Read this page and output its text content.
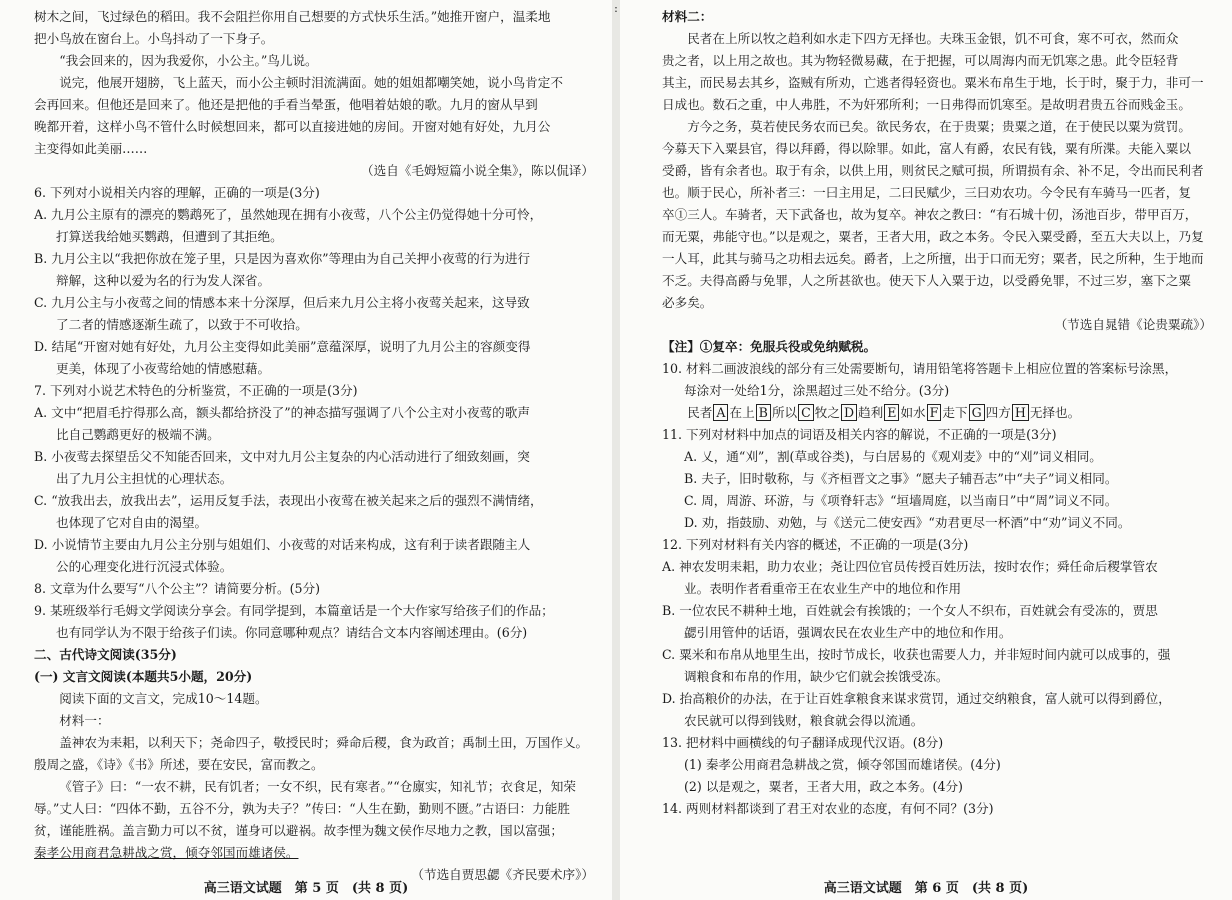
:

树木之间，飞过绿色的稻田。我不会阻拦你用自己想要的方式快乐生活。”她推开窗户，温柔地

把小鸟放在窗台上。小鸟抖动了一下身子。

“我会回来的，因为我爱你，小公主。”鸟儿说。

说完，他展开翅膀，飞上蓝天，而小公主顿时泪流满面。她的姐姐都嘲笑她，说小鸟肯定不

会再回来。但他还是回来了。他还是把他的手看当晕蛋，他唱着姑娘的歌。九月的窗从早到

晚都开着，这样小鸟不管什么时候想回来，都可以直接进她的房间。开窗对她有好处，九月公

主变得如此美丽……

（选自《毛姆短篇小说全集》，陈以侃译）

6. 下列对小说相关内容的理解，正确的一项是(3分)

A. 九月公主原有的漂亮的鹦鹉死了，虽然她现在拥有小夜莺，八个公主仍觉得她十分可怜，

打算送我给她买鹦鹉，但遭到了其拒绝。

B. 九月公主以“我把你放在笼子里，只是因为喜欢你”等理由为自己关押小夜莺的行为进行

辩解，这种以爱为名的行为发人深省。

C. 九月公主与小夜莺之间的情感本来十分深厚，但后来九月公主将小夜莺关起来，这导致

了二者的情感逐渐生疏了，以致于不可收拾。

D. 结尾“开窗对她有好处，九月公主变得如此美丽”意蕴深厚，说明了九月公主的容颜变得

更美，体现了小夜莺给她的情感慰藉。

7. 下列对小说艺术特色的分析鉴赏，不正确的一项是(3分)

A. 文中“把眉毛拧得那么高，额头都给挤没了”的神态描写强调了八个公主对小夜莺的歌声

比自己鹦鹉更好的极端不满。

B. 小夜莺去探望岳父不知能否回来，文中对九月公主复杂的内心活动进行了细致刻画，突

出了九月公主担忧的心理状态。

C. “放我出去，放我出去”，运用反复手法，表现出小夜莺在被关起来之后的强烈不满情绪，

也体现了它对自由的渴望。

D. 小说情节主要由九月公主分别与姐姐们、小夜莺的对话来构成，这有利于读者跟随主人

公的心理变化进行沉浸式体验。

8. 文章为什么要写“八个公主”？请简要分析。(5分)

9. 某班级举行毛姆文学阅读分享会。有同学提到，本篇童话是一个大作家写给孩子们的作品；

也有同学认为不限于给孩子们读。你同意哪种观点？请结合文本内容阐述理由。(6分)

二、古代诗文阅读(35分)

(一) 文言文阅读(本题共5小题，20分)

阅读下面的文言文，完成10～14题。

材料一：

盖神农为耒耜，以利天下；尧命四子，敬授民时；舜命后稷，食为政首；禹制土田，万国作乂。

殷周之盛，《诗》《书》所述，要在安民，富而教之。

《管子》曰：“一农不耕，民有饥者；一女不织，民有寒者。”“仓廪实，知礼节；衣食足，知荣

辱。”丈人曰：“四体不勤，五谷不分，孰为夫子？”传曰：“人生在勤，勤则不匮。”古语曰：力能胜

贫，谨能胜祸。盖言勤力可以不贫，谨身可以避祸。故李悝为魏文侯作尽地力之教，国以富强；

秦孝公用商君急耕战之赏，倾夺邻国而雄诸侯。

（节选自贾思勰《齐民要术序》）

高三语文试题　第 5 页　(共 8 页)

材料二：

民者在上所以牧之趋利如水走下四方无择也。夫珠玉金银，饥不可食，寒不可衣，然而众

贵之者，以上用之故也。其为物轻微易藏，在于把握，可以周海内而无饥寒之患。此令臣轻背

其主，而民易去其乡，盗贼有所劝，亡逃者得轻资也。粟米布帛生于地，长于时，聚于力，非可一

日成也。数石之重，中人弗胜，不为奸邪所利；一日弗得而饥寒至。是故明君贵五谷而贱金玉。

方今之务，莫若使民务农而已矣。欲民务农，在于贵粟；贵粟之道，在于使民以粟为赏罚。

今募天下入粟县官，得以拜爵，得以除罪。如此，富人有爵，农民有钱，粟有所渫。夫能入粟以

受爵，皆有余者也。取于有余，以供上用，则贫民之赋可损，所谓损有余、补不足，令出而民利者

也。顺于民心，所补者三：一曰主用足，二曰民赋少，三曰劝农功。今令民有车骑马一匹者，复

卒①三人。车骑者，天下武备也，故为复卒。神农之教曰：“有石城十仞，汤池百步，带甲百万，

而无粟，弗能守也。”以是观之，粟者，王者大用，政之本务。令民入粟受爵，至五大夫以上，乃复

一人耳，此其与骑马之功相去远矣。爵者，上之所擅，出于口而无穷；粟者，民之所种，生于地而

不乏。夫得高爵与免罪，人之所甚欲也。使天下人入粟于边，以受爵免罪，不过三岁，塞下之粟

必多矣。

（节选自晁错《论贵粟疏》）

【注】①复卒：免服兵役或免纳赋税。

10. 材料二画波浪线的部分有三处需要断句，请用铅笔将答题卡上相应位置的答案标号涂黑，

每涂对一处给1分，涂黑超过三处不给分。(3分)

民者 A 在上 B 所以 C 牧之 D 趋利 E 如水 F 走下 G 四方 H 无择也。

11. 下列对材料中加点的词语及相关内容的解说，不正确的一项是(3分)

A. 乂，通“刈”，割(草或谷类)，与白居易的《观刈麦》中的“刈”词义相同。

B. 夫子，旧时敬称，与《齐桓晋文之事》“愿夫子辅吾志”中“夫子”词义相同。

C. 周，周游、环游，与《项脊轩志》“垣墙周庭，以当南日”中“周”词义不同。

D. 劝，指鼓励、劝勉，与《送元二使安西》“劝君更尽一杯酒”中“劝”词义不同。

12. 下列对材料有关内容的概述，不正确的一项是(3分)

A. 神农发明耒耜，助力农业；尧让四位官员传授百姓历法，按时农作；舜任命后稷掌管农

业。表明作者看重帝王在农业生产中的地位和作用

B. 一位农民不耕种土地，百姓就会有挨饿的；一个女人不织布，百姓就会有受冻的，贾思

勰引用管仲的话语，强调农民在农业生产中的地位和作用。

C. 粟米和布帛从地里生出，按时节成长，收获也需要人力，并非短时间内就可以成事的，强

调粮食和布帛的作用，缺少它们就会挨饿受冻。

D. 抬高粮价的办法，在于让百姓拿粮食来谋求赏罚，通过交纳粮食，富人就可以得到爵位，

农民就可以得到钱财，粮食就会得以流通。

13. 把材料中画横线的句子翻译成现代汉语。(8分)

(1) 秦孝公用商君急耕战之赏，倾夺邻国而雄诸侯。(4分)

(2) 以是观之，粟者，王者大用，政之本务。(4分)

14. 两则材料都谈到了君王对农业的态度，有何不同？(3分)

高三语文试题　第 6 页　(共 8 页)
